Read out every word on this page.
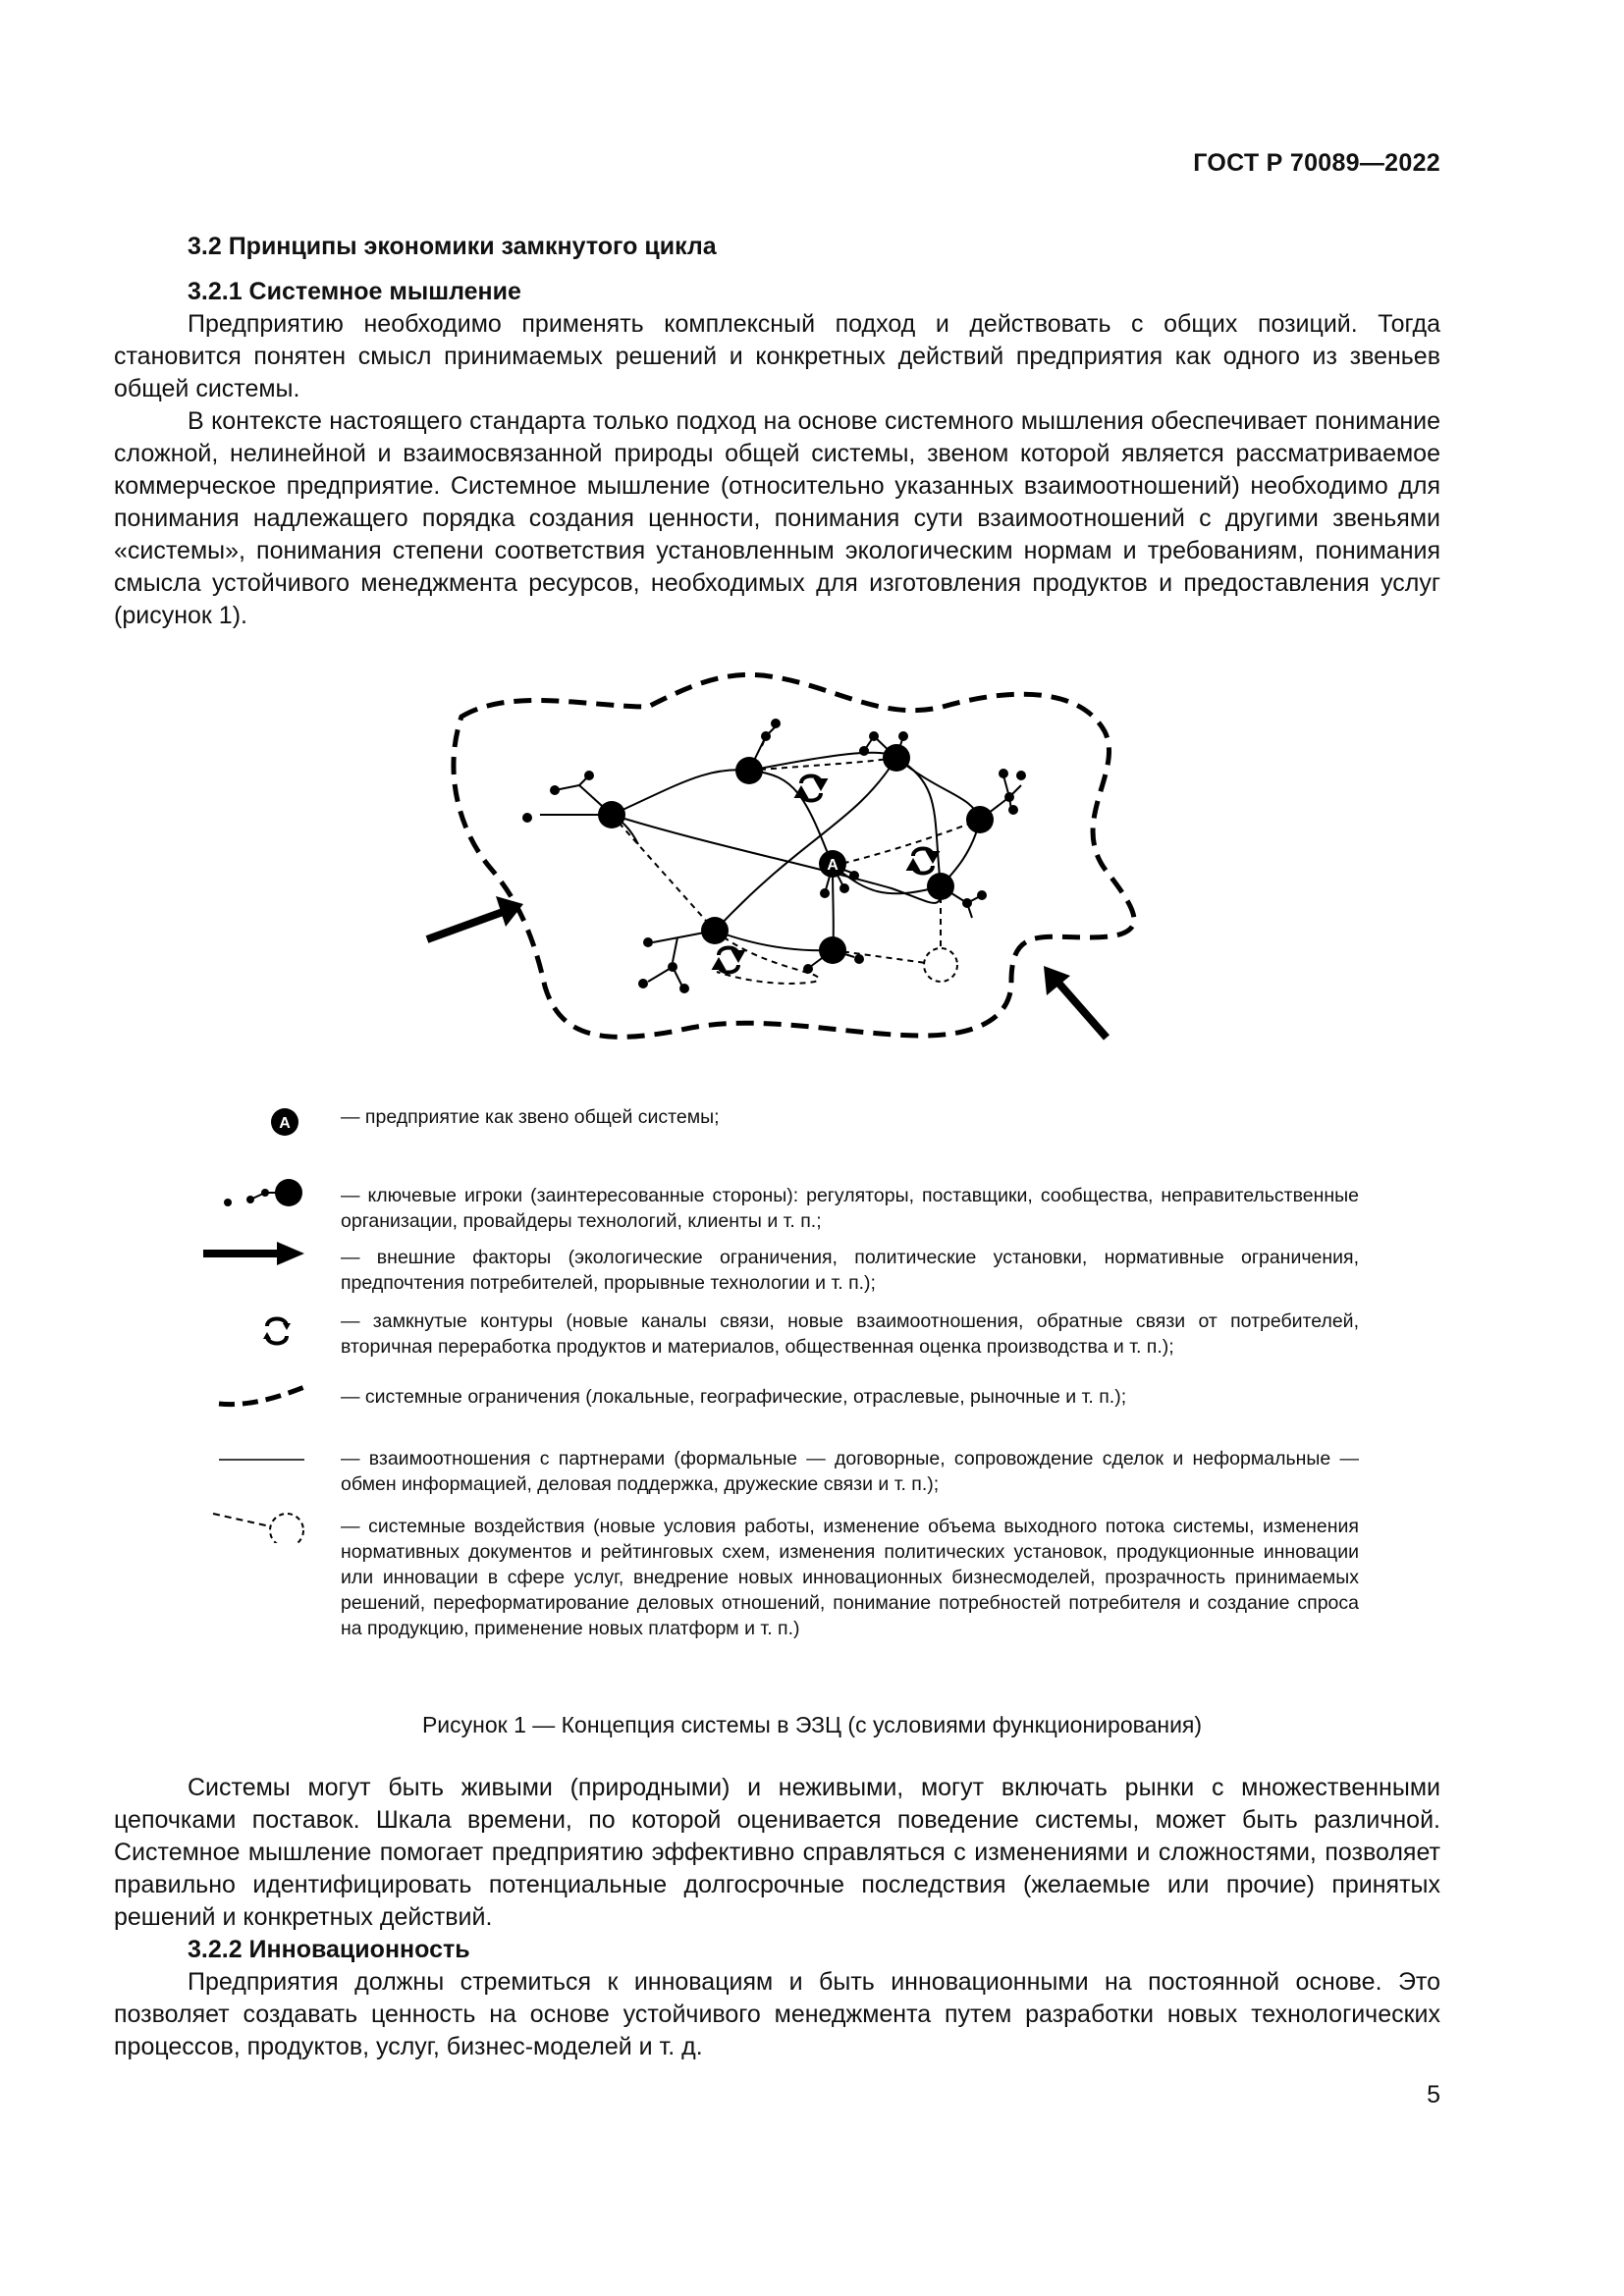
ГОСТ Р 70089—2022

3.2 Принципы экономики замкнутого цикла

3.2.1 Системное мышление

Предприятию необходимо применять комплексный подход и действовать с общих позиций. Тогда становится понятен смысл принимаемых решений и конкретных действий предприятия как одного из звеньев общей системы.

В контексте настоящего стандарта только подход на основе системного мышления обеспечивает понимание сложной, нелинейной и взаимосвязанной природы общей системы, звеном которой является рассматриваемое коммерческое предприятие. Системное мышление (относительно указанных взаимоотношений) необходимо для понимания надлежащего порядка создания ценности, понимания сути взаимоотношений с другими звеньями «системы», понимания степени соответствия установленным экологическим нормам и требованиям, понимания смысла устойчивого менеджмента ресурсов, необходимых для изготовления продуктов и предоставления услуг (рисунок 1).

A
A	— предприятие как звено общей системы;
— ключевые игроки (заинтересованные стороны): регуляторы, поставщики, сообщества, неправительственные организации, провайдеры технологий, клиенты и т. п.;
— внешние факторы (экологические ограничения, политические установки, нормативные ограничения, предпочтения потребителей, прорывные технологии и т. п.);
— замкнутые контуры (новые каналы связи, новые взаимоотношения, обратные связи от потребителей, вторичная переработка продуктов и материалов, общественная оценка производства и т. п.);
— системные ограничения (локальные, географические, отраслевые, рыночные и т. п.);
— взаимоотношения с партнерами (формальные — договорные, сопровождение сделок и неформальные — обмен информацией, деловая поддержка, дружеские связи и т. п.);
— системные воздействия (новые условия работы, изменение объема выходного потока системы, изменения нормативных документов и рейтинговых схем, изменения политических установок, продукционные инновации или инновации в сфере услуг, внедрение новых инновационных бизнесмоделей, прозрачность принимаемых решений, переформатирование деловых отношений, понимание потребностей потребителя и создание спроса на продукцию, применение новых платформ и т. п.)
Рисунок 1 — Концепция системы в ЭЗЦ (с условиями функционирования)

Системы могут быть живыми (природными) и неживыми, могут включать рынки с множественными цепочками поставок. Шкала времени, по которой оценивается поведение системы, может быть различной. Системное мышление помогает предприятию эффективно справляться с изменениями и сложностями, позволяет правильно идентифицировать потенциальные долгосрочные последствия (желаемые или прочие) принятых решений и конкретных действий.

3.2.2 Инновационность

Предприятия должны стремиться к инновациям и быть инновационными на постоянной основе. Это позволяет создавать ценность на основе устойчивого менеджмента путем разработки новых технологических процессов, продуктов, услуг, бизнес-моделей и т. д.

5
